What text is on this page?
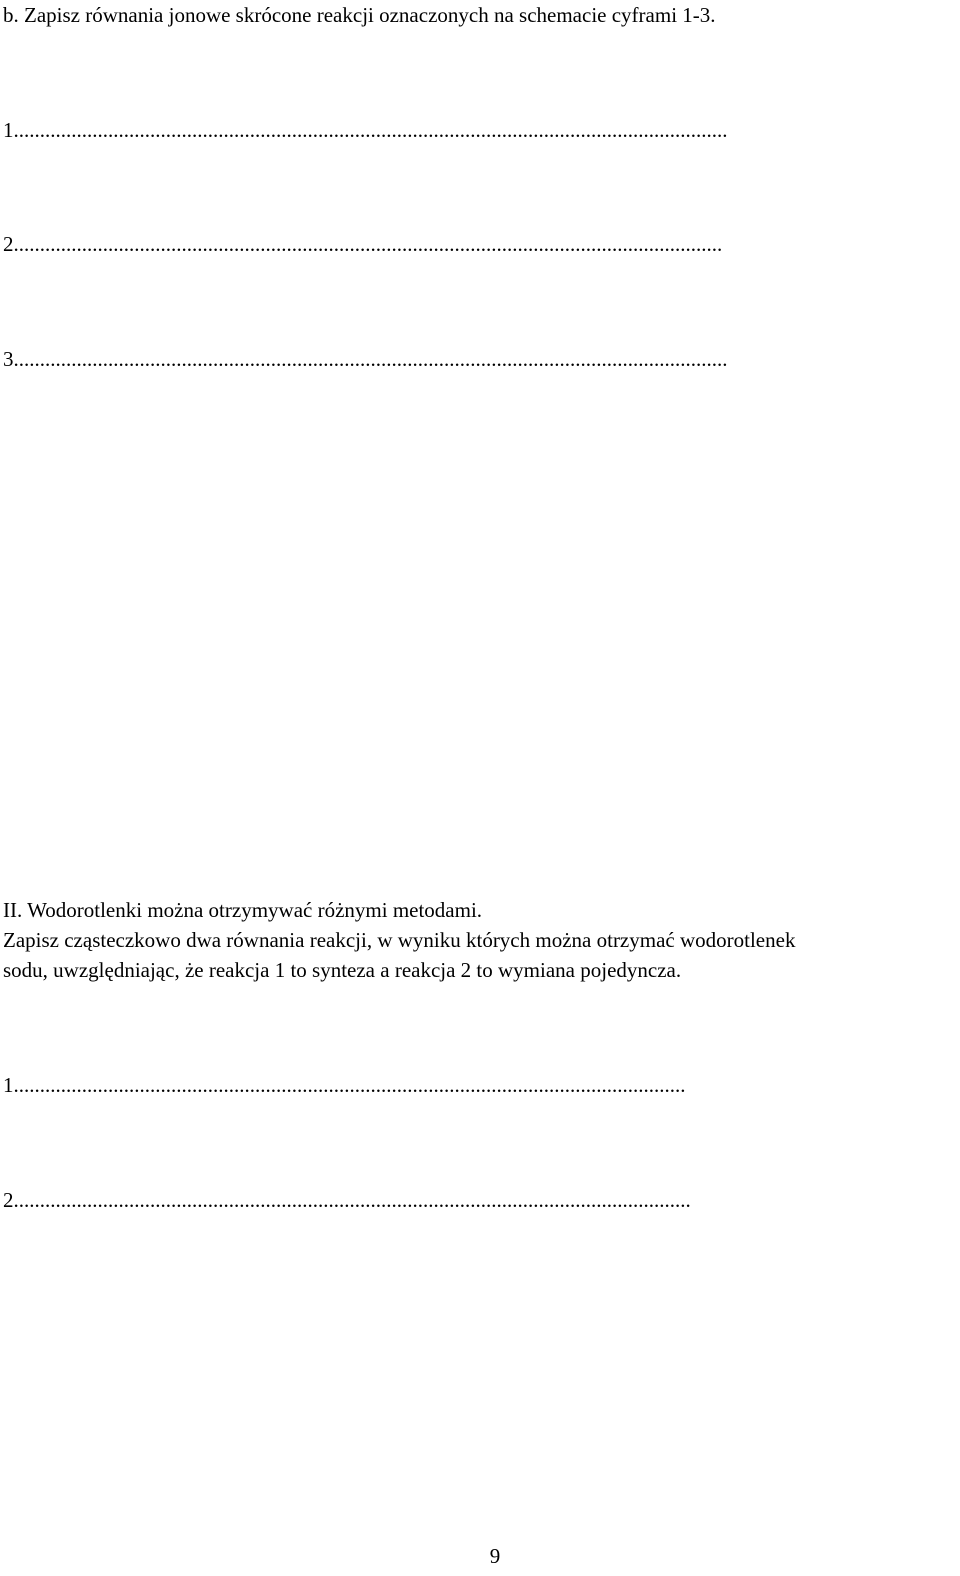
b. Zapisz równania jonowe skrócone reakcji oznaczonych na schemacie cyframi 1-3.
1. .......................................................................................................................................
2. ......................................................................................................................................
3. .......................................................................................................................................
II. Wodorotlenki można otrzymywać różnymi metodami.
Zapisz cząsteczkowo dwa równania reakcji, w wyniku których można otrzymać wodorotlenek
sodu, uwzględniając, że reakcja 1 to synteza a reakcja 2 to wymiana pojedyncza.
1. ...............................................................................................................................
2. ................................................................................................................................
9
